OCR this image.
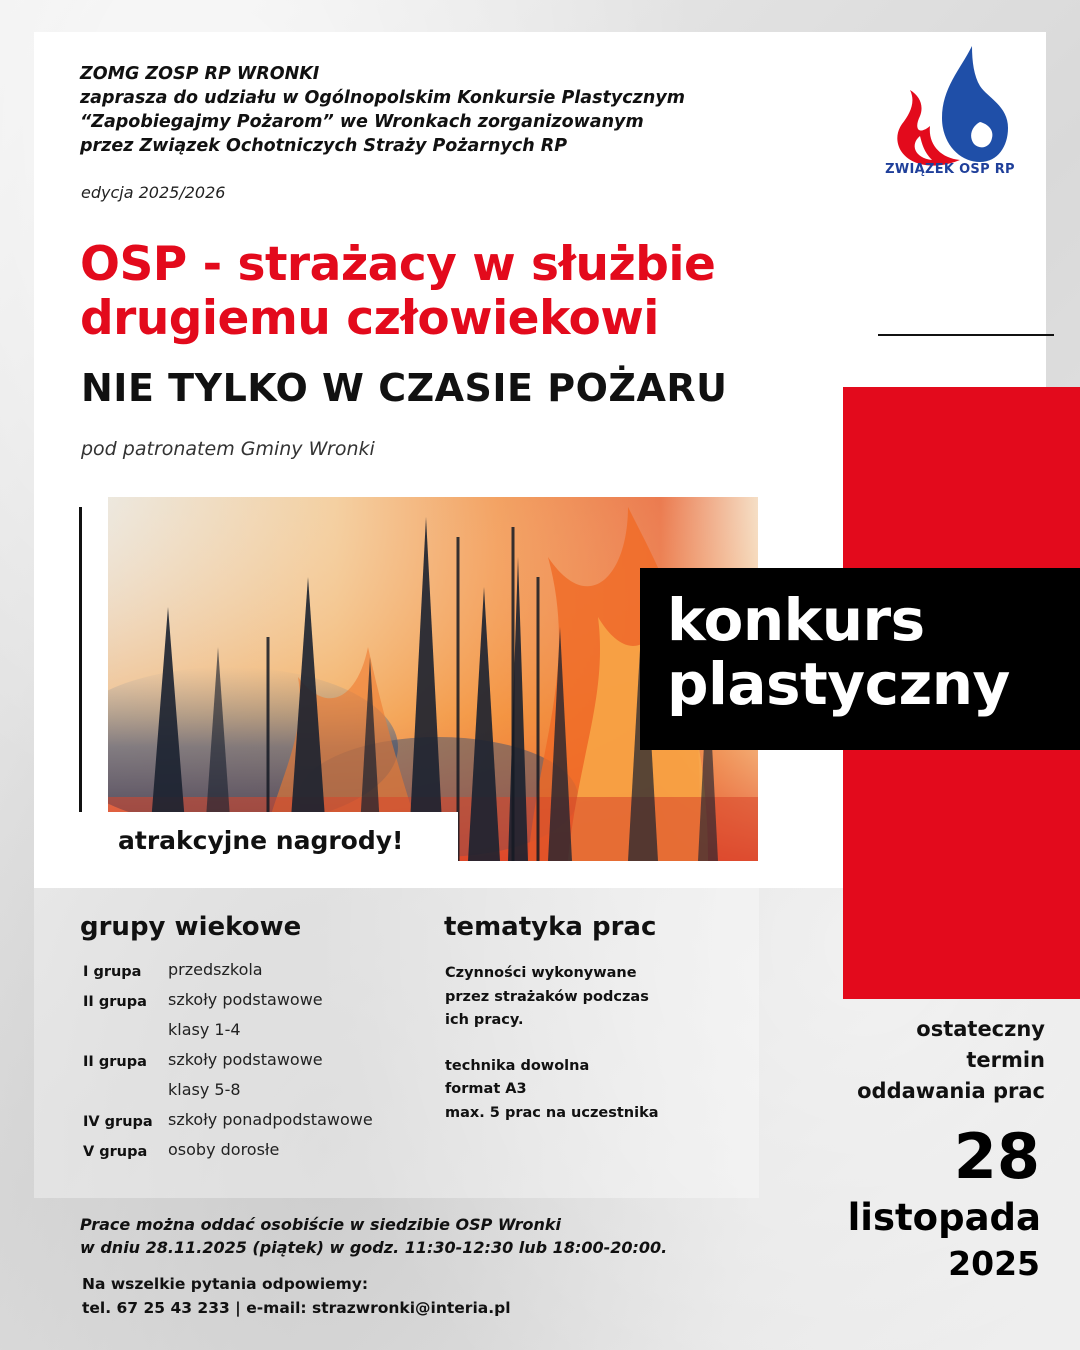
ZOMG ZOSP RP WRONKI
zaprasza do udziału w Ogólnopolskim Konkursie Plastycznym
“Zapobiegajmy Pożarom” we Wronkach zorganizowanym
przez Związek Ochotniczych Straży Pożarnych RP
edycja 2025/2026
ZWIĄZEK OSP RP
OSP - strażacy w służbie
drugiemu człowiekowi
NIE TYLKO W CZASIE POŻARU
pod patronatem Gminy Wronki
konkurs
plastyczny
atrakcyjne nagrody!
grupy wiekowe	tematyka prac
I grupa przedszkola
II grupa szkoły podstawowe
klasy 1-4
II grupa szkoły podstawowe
klasy 5-8
IV grupa szkoły ponadpodstawowe
V grupa osoby dorosłe
Czynności wykonywane
przez strażaków podczas
ich pracy.
technika dowolna
format A3
max. 5 prac na uczestnika
ostateczny
termin
oddawania prac
28
listopada
2025
Prace można oddać osobiście w siedzibie OSP Wronki
w dniu 28.11.2025 (piątek) w godz. 11:30-12:30 lub 18:00-20:00.
Na wszelkie pytania odpowiemy:
tel. 67 25 43 233 | e-mail: strazwronki@interia.pl
